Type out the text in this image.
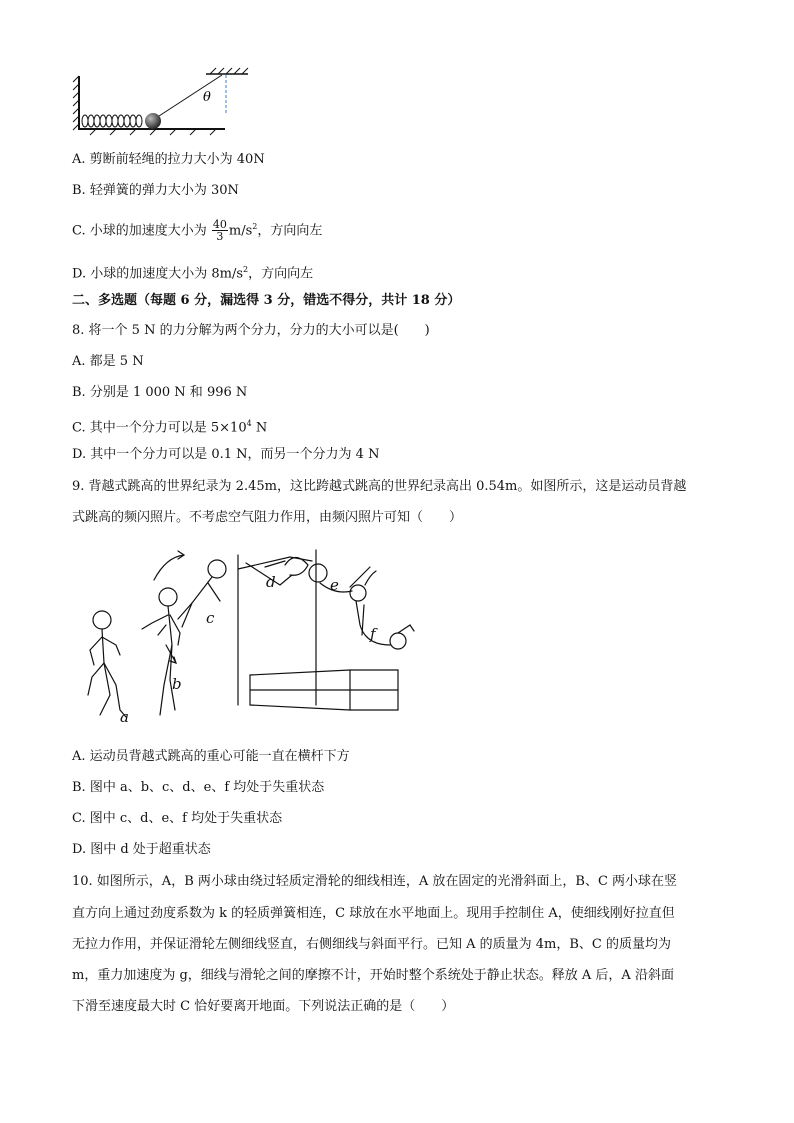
θ
A. 剪断前轻绳的拉力大小为 40N
B. 轻弹簧的弹力大小为 30N
C. 小球的加速度大小为 $\frac{40}{3} m/s^2$，方向向左
D. 小球的加速度大小为 $8m/s^2$，方向向左
二、多选题（每题 6 分，漏选得 3 分，错选不得分，共计 18 分）
8. 将一个 5 N 的力分解为两个分力，分力的大小可以是(　　)
A. 都是 5 N
B. 分别是 1 000 N 和 996 N
C. 其中一个分力可以是 $5\times 10^4$ N
D. 其中一个分力可以是 0.1 N，而另一个分力为 4 N
9. 背越式跳高的世界纪录为 2.45m，这比跨越式跳高的世界纪录高出 0.54m。如图所示，这是运动员背越
式跳高的频闪照片。不考虑空气阻力作用，由频闪照片可知（　　）
a
b
c
d	e
f
A. 运动员背越式跳高的重心可能一直在横杆下方
B. 图中 a、b、c、d、e、f 均处于失重状态
C. 图中 c、d、e、f 均处于失重状态
D. 图中 d 处于超重状态
10. 如图所示，A，B 两小球由绕过轻质定滑轮的细线相连，A 放在固定的光滑斜面上，B、C 两小球在竖
直方向上通过劲度系数为 k 的轻质弹簧相连，C 球放在水平地面上。现用手控制住 A，使细线刚好拉直但
无拉力作用，并保证滑轮左侧细线竖直，右侧细线与斜面平行。已知 A 的质量为 4m，B、C 的质量均为
m，重力加速度为 g，细线与滑轮之间的摩擦不计，开始时整个系统处于静止状态。释放 A 后，A 沿斜面
下滑至速度最大时 C 恰好要离开地面。下列说法正确的是（　　）
